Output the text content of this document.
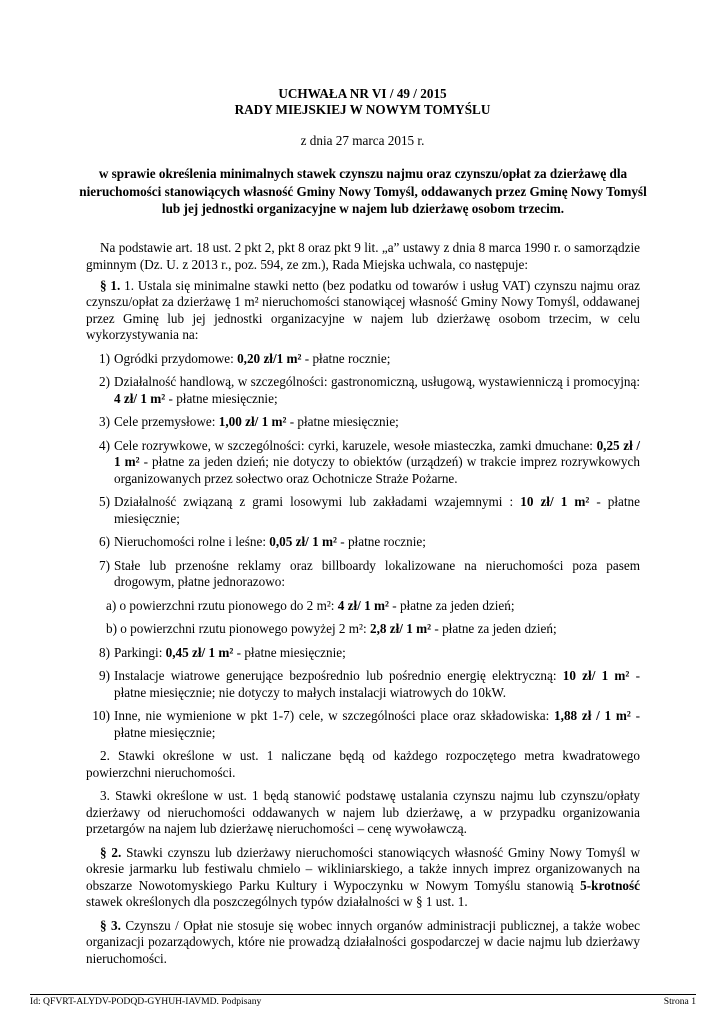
UCHWAŁA NR VI / 49 / 2015
RADY MIEJSKIEJ W NOWYM TOMYŚLU
z dnia 27 marca 2015 r.
w sprawie określenia minimalnych stawek czynszu najmu oraz czynszu/opłat za dzierżawę dla nieruchomości stanowiących własność Gminy Nowy Tomyśl, oddawanych przez Gminę Nowy Tomyśl lub jej jednostki organizacyjne w najem lub dzierżawę osobom trzecim.

Na podstawie art. 18 ust. 2 pkt 2, pkt 8 oraz pkt 9 lit. „a” ustawy z dnia 8 marca 1990 r. o samorządzie gminnym (Dz. U. z 2013 r., poz. 594, ze zm.), Rada Miejska uchwala, co następuje:

§ 1. 1. Ustala się minimalne stawki netto (bez podatku od towarów i usług VAT) czynszu najmu oraz czynszu/opłat za dzierżawę 1 m² nieruchomości stanowiącej własność Gminy Nowy Tomyśl, oddawanej przez Gminę lub jej jednostki organizacyjne w najem lub dzierżawę osobom trzecim, w celu wykorzystywania na:

1) Ogródki przydomowe: 0,20 zł/1 m² - płatne rocznie;
2) Działalność handlową, w szczególności: gastronomiczną, usługową, wystawienniczą i promocyjną: 4 zł/ 1 m² - płatne miesięcznie;
3) Cele przemysłowe: 1,00 zł/ 1 m² - płatne miesięcznie;
4) Cele rozrywkowe, w szczególności: cyrki, karuzele, wesołe miasteczka, zamki dmuchane: 0,25 zł / 1 m² - płatne za jeden dzień; nie dotyczy to obiektów (urządzeń) w trakcie imprez rozrywkowych organizowanych przez sołectwo oraz Ochotnicze Straże Pożarne.
5) Działalność związaną z grami losowymi lub zakładami wzajemnymi : 10 zł/ 1 m² - płatne miesięcznie;
6) Nieruchomości rolne i leśne: 0,05 zł/ 1 m² - płatne rocznie;
7) Stałe lub przenośne reklamy oraz billboardy lokalizowane na nieruchomości poza pasem drogowym, płatne jednorazowo:
a) o powierzchni rzutu pionowego do 2 m²: 4 zł/ 1 m² - płatne za jeden dzień;
b) o powierzchni rzutu pionowego powyżej 2 m²: 2,8 zł/ 1 m² - płatne za jeden dzień;
8) Parkingi: 0,45 zł/ 1 m² - płatne miesięcznie;
9) Instalacje wiatrowe generujące bezpośrednio lub pośrednio energię elektryczną: 10 zł/ 1 m² - płatne miesięcznie; nie dotyczy to małych instalacji wiatrowych do 10kW.
10) Inne, nie wymienione w pkt 1-7) cele, w szczególności place oraz składowiska: 1,88 zł / 1 m² - płatne miesięcznie;

2. Stawki określone w ust. 1 naliczane będą od każdego rozpoczętego metra kwadratowego powierzchni nieruchomości.

3. Stawki określone w ust. 1 będą stanowić podstawę ustalania czynszu najmu lub czynszu/opłaty dzierżawy od nieruchomości oddawanych w najem lub dzierżawę, a w przypadku organizowania przetargów na najem lub dzierżawę nieruchomości – cenę wywoławczą.

§ 2. Stawki czynszu lub dzierżawy nieruchomości stanowiących własność Gminy Nowy Tomyśl w okresie jarmarku lub festiwalu chmielo – wikliniarskiego, a także innych imprez organizowanych na obszarze Nowotomyskiego Parku Kultury i Wypoczynku w Nowym Tomyślu stanowią 5-krotność stawek określonych dla poszczególnych typów działalności w § 1 ust. 1.

§ 3. Czynszu / Opłat nie stosuje się wobec innych organów administracji publicznej, a także wobec organizacji pozarządowych, które nie prowadzą działalności gospodarczej w dacie najmu lub dzierżawy nieruchomości.

Id: QFVRT-ALYDV-PODQD-GYHUH-IAVMD. Podpisany	Strona 1
